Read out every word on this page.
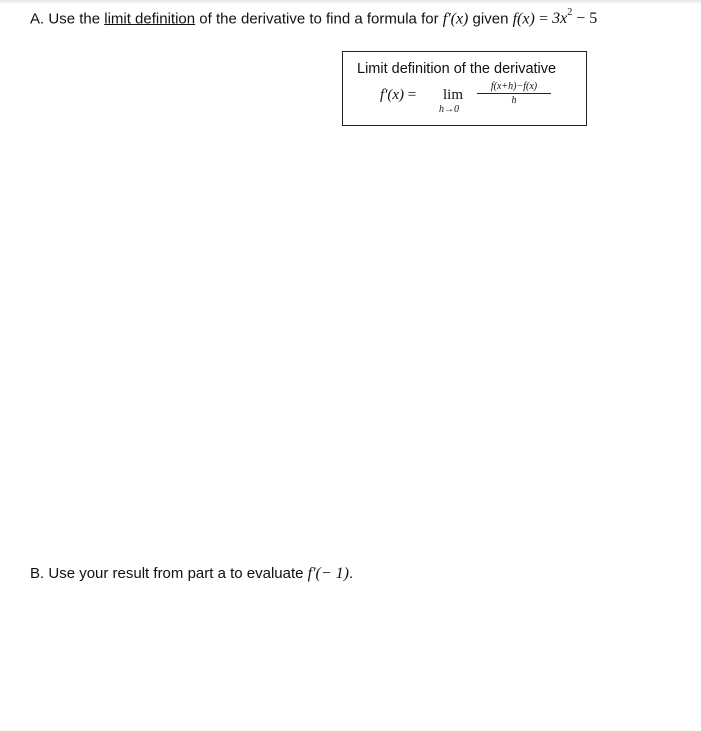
A. Use the limit definition of the derivative to find a formula for f'(x) given $f(x) = 3x^2 - 5$
Limit definition of the derivative
f'(x) = lim
h→0
$\frac{f(x+h)-f(x)}{h}$
B. Use your result from part a to evaluate f'(− 1).
